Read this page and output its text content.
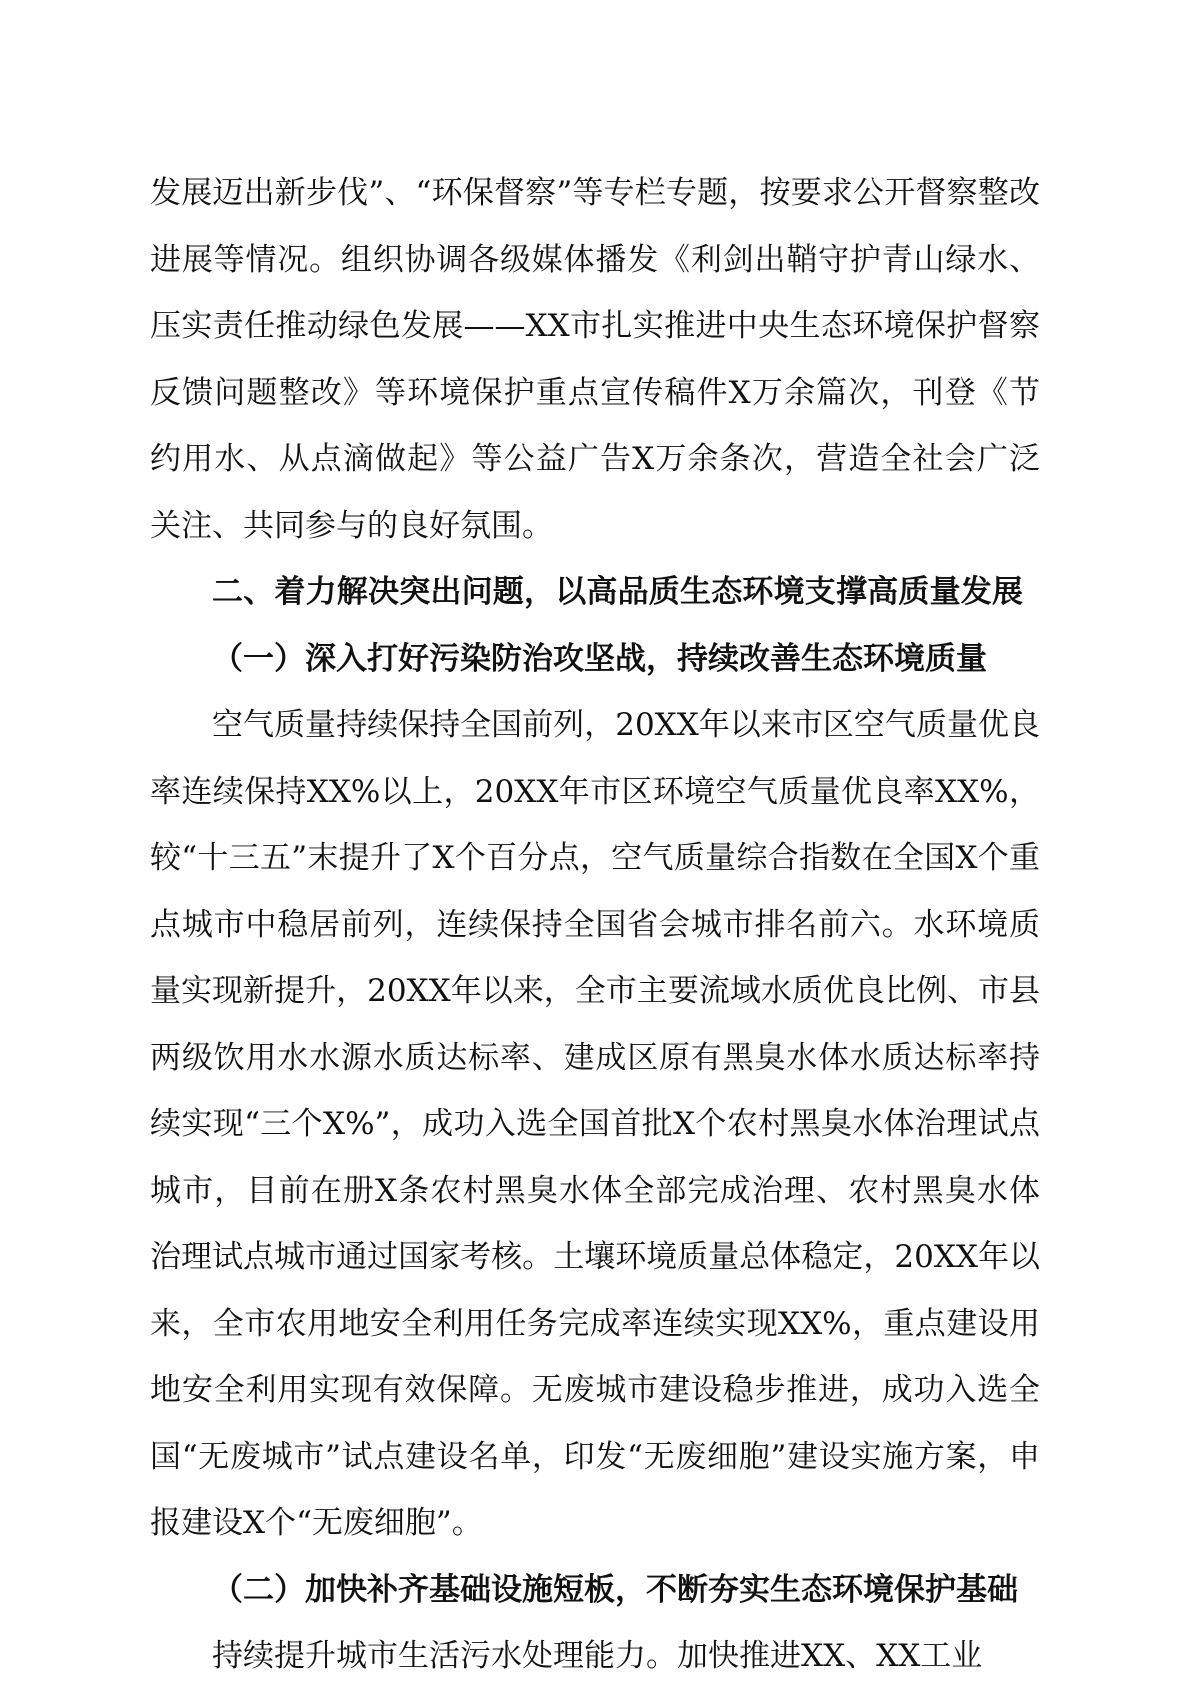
发展迈出新步伐”、“环保督察”等专栏专题，按要求公开督察整改进展等情况。组织协调各级媒体播发《利剑出鞘守护青山绿水、压实责任推动绿色发展——XX市扎实推进中央生态环境保护督察反馈问题整改》等环境保护重点宣传稿件X万余篇次，刊登《节约用水、从点滴做起》等公益广告X万余条次，营造全社会广泛关注、共同参与的良好氛围。

二、着力解决突出问题，以高品质生态环境支撑高质量发展

（一）深入打好污染防治攻坚战，持续改善生态环境质量

空气质量持续保持全国前列，20XX年以来市区空气质量优良率连续保持XX%以上，20XX年市区环境空气质量优良率XX%，较“十三五”末提升了X个百分点，空气质量综合指数在全国X个重点城市中稳居前列，连续保持全国省会城市排名前六。水环境质量实现新提升，20XX年以来，全市主要流域水质优良比例、市县两级饮用水水源水质达标率、建成区原有黑臭水体水质达标率持续实现“三个X%”，成功入选全国首批X个农村黑臭水体治理试点城市，目前在册X条农村黑臭水体全部完成治理、农村黑臭水体治理试点城市通过国家考核。土壤环境质量总体稳定，20XX年以来，全市农用地安全利用任务完成率连续实现XX%，重点建设用地安全利用实现有效保障。无废城市建设稳步推进，成功入选全国“无废城市”试点建设名单，印发“无废细胞”建设实施方案，申报建设X个“无废细胞”。

（二）加快补齐基础设施短板，不断夯实生态环境保护基础

持续提升城市生活污水处理能力。加快推进XX、XX工业
